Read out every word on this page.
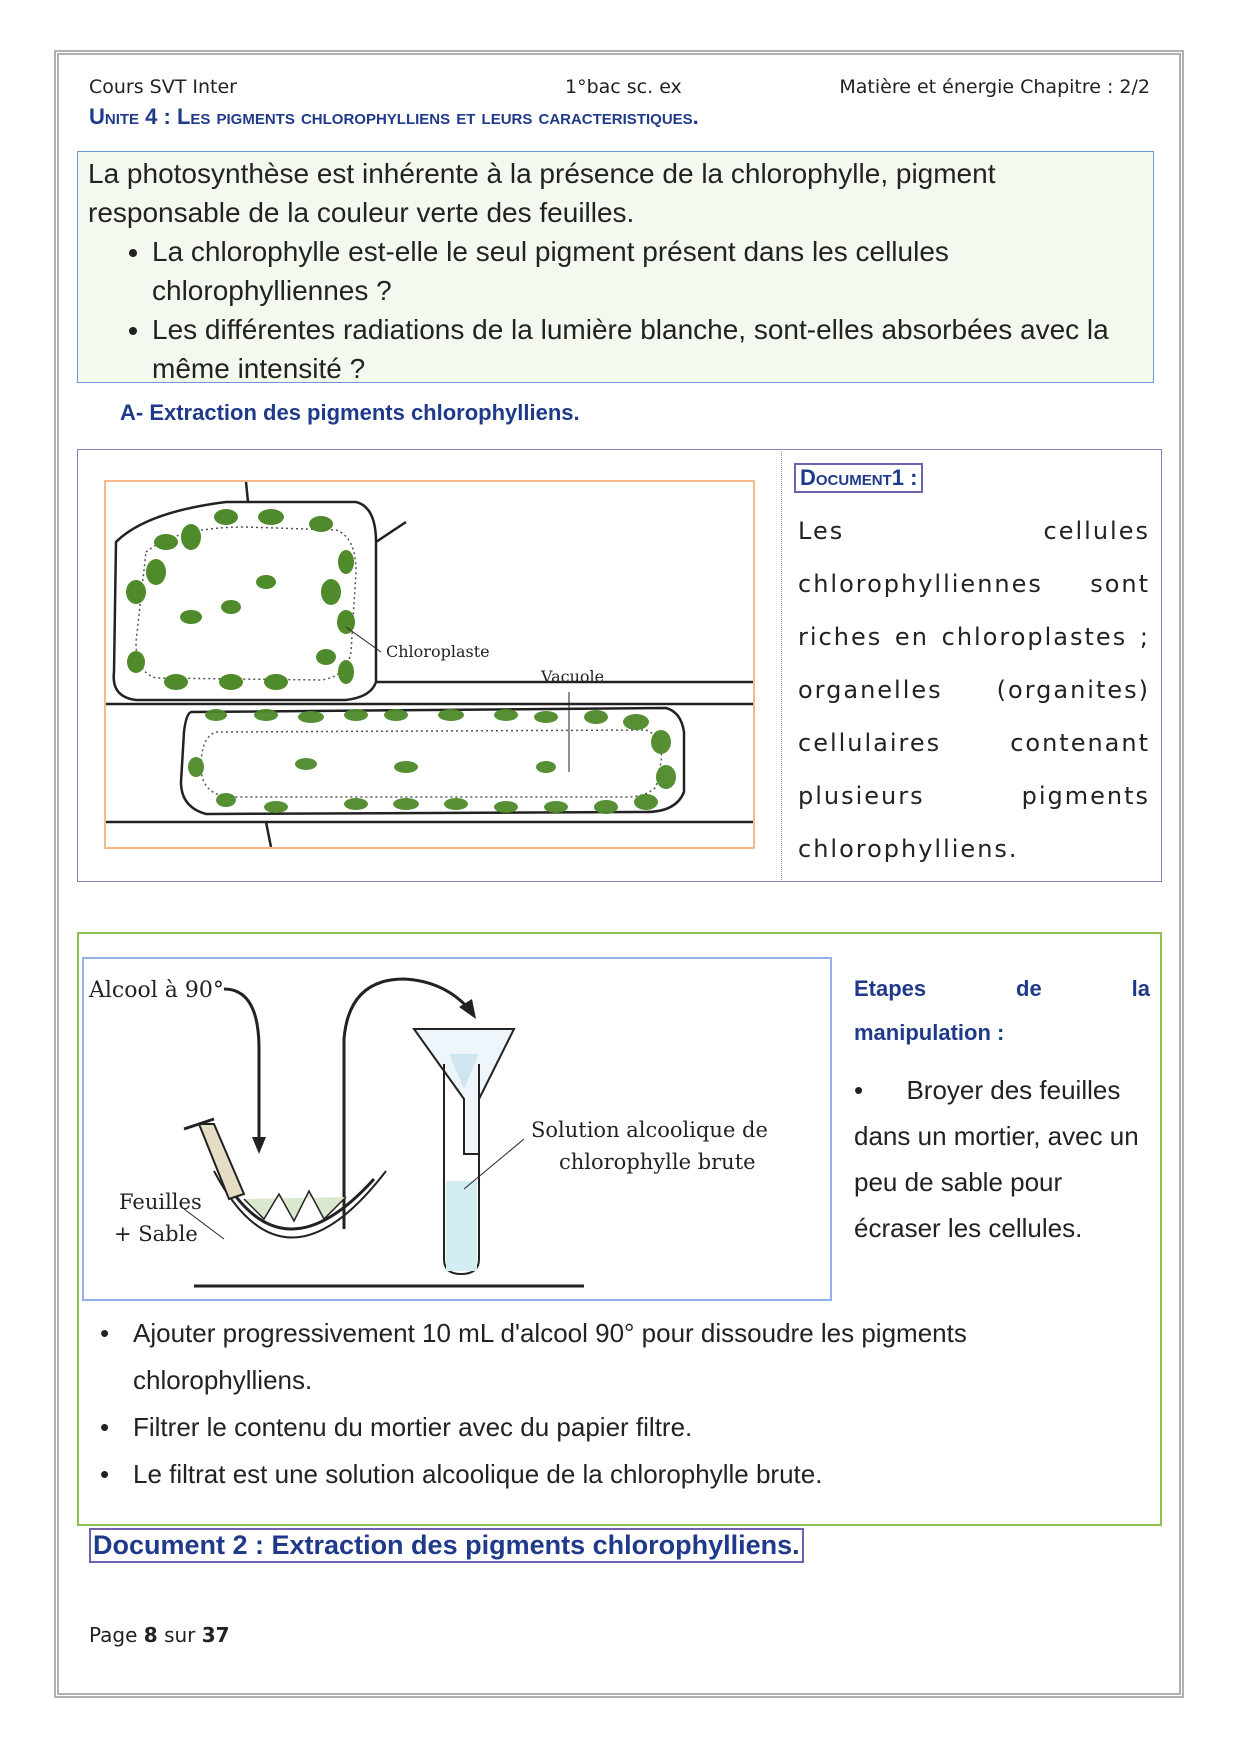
Cours SVT Inter	1°bac sc. ex	Matière et énergie Chapitre : 2/2
Unite 4 : Les pigments chlorophylliens et leurs caracteristiques.
La photosynthèse est inhérente à la présence de la chlorophylle, pigment responsable de la couleur verte des feuilles.
• La chlorophylle est-elle le seul pigment présent dans les cellules chlorophylliennes ?
• Les différentes radiations de la lumière blanche, sont-elles absorbées avec la même intensité ?
A- Extraction des pigments chlorophylliens.
Chloroplaste
Vacuole
Document1 :
Les cellules chlorophylliennes sont riches en chloroplastes ; organelles (organites) cellulaires contenant plusieurs pigments chlorophylliens.
Alcool à 90°
Feuilles
+ Sable
Solution alcoolique de
chlorophylle brute
Etapes de la
manipulation :
•      Broyer des feuilles dans un mortier, avec un peu de sable pour écraser les cellules.
• Ajouter progressivement 10 mL d'alcool 90° pour dissoudre les pigments chlorophylliens.
• Filtrer le contenu du mortier avec du papier filtre.
• Le filtrat est une solution alcoolique de la chlorophylle brute.
Document 2 : Extraction des pigments chlorophylliens.
Page 8 sur 37
